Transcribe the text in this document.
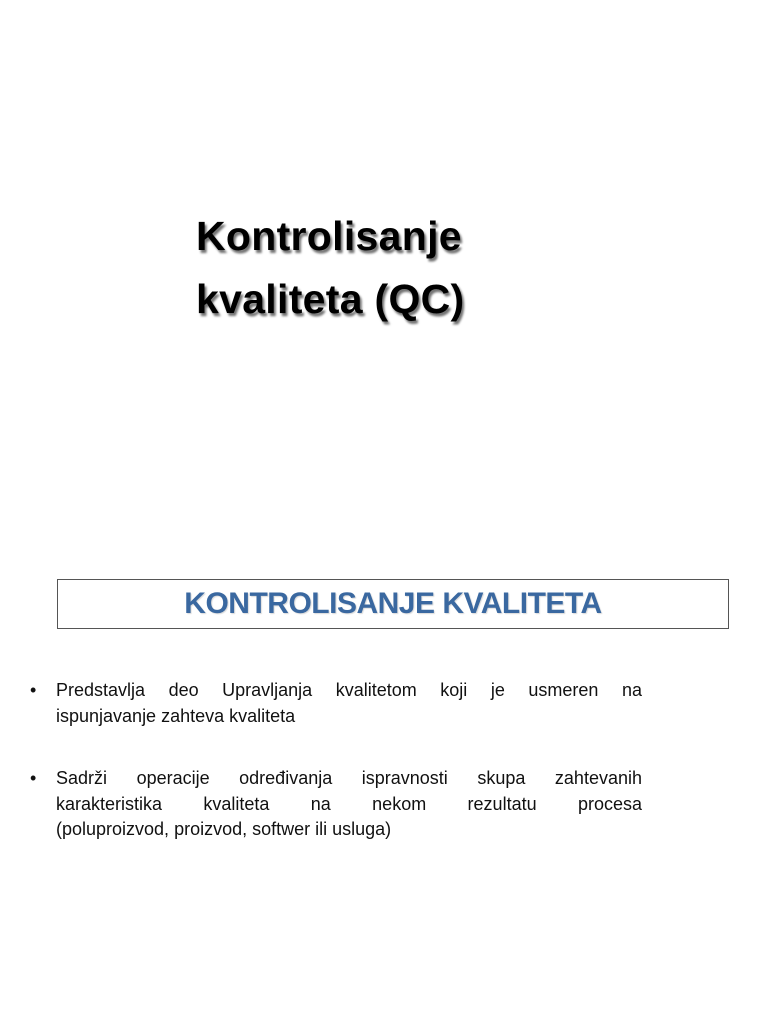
Kontrolisanje
kvaliteta (QC)
KONTROLISANJE KVALITETA
• Predstavlja deo Upravljanja kvalitetom koji je usmeren na
ispunjavanje zahteva kvaliteta
• Sadrži operacije određivanja ispravnosti skupa zahtevanih
karakteristika kvaliteta na nekom rezultatu procesa
(poluproizvod, proizvod, softwer ili usluga)
